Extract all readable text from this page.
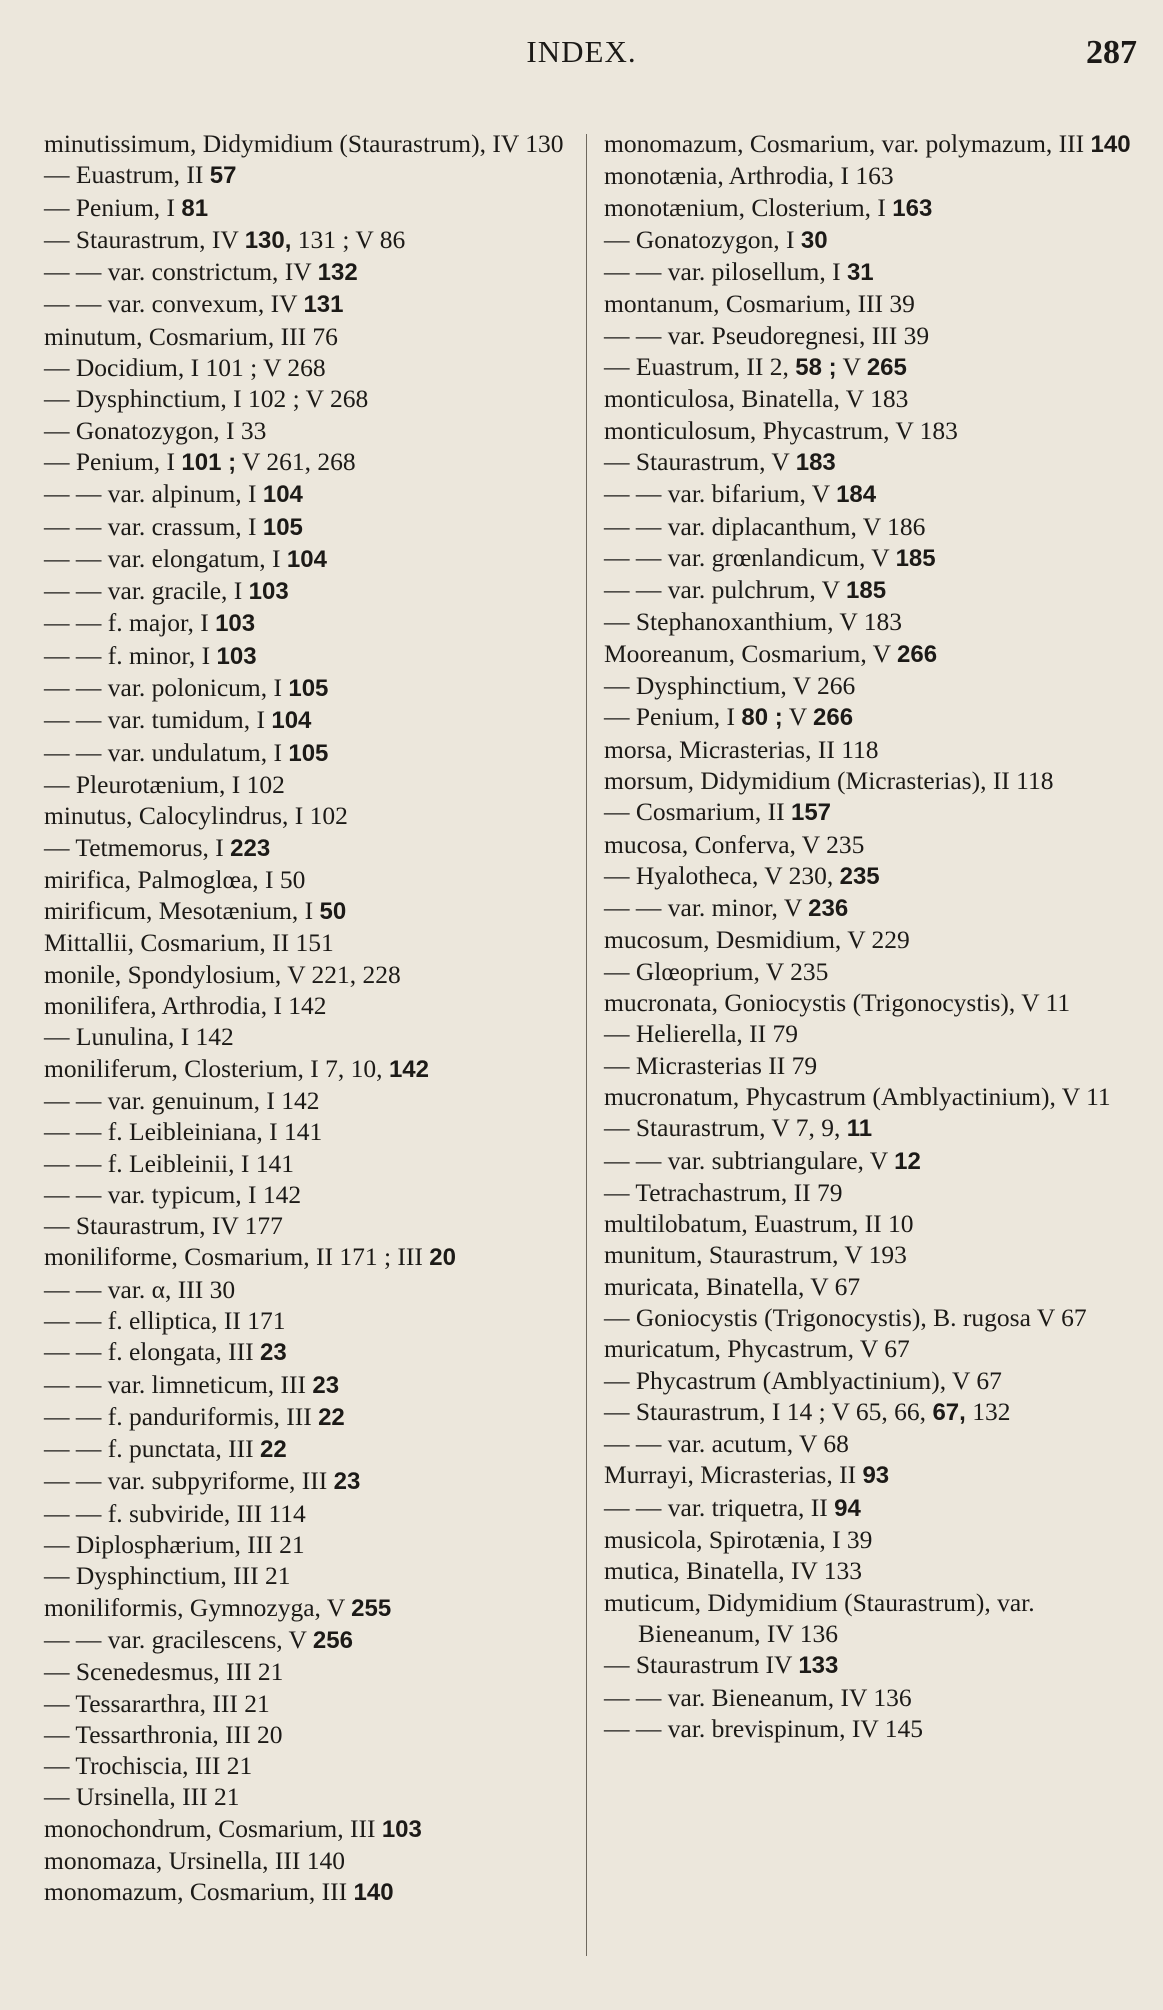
INDEX.	287
minutissimum, Didymidium (Staurastrum), IV 130
— Euastrum, II 57
— Penium, I 81
— Staurastrum, IV 130, 131 ; V 86
— — var. constrictum, IV 132
— — var. convexum, IV 131
minutum, Cosmarium, III 76
— Docidium, I 101 ; V 268
— Dysphinctium, I 102 ; V 268
— Gonatozygon, I 33
— Penium, I 101 ; V 261, 268
— — var. alpinum, I 104
— — var. crassum, I 105
— — var. elongatum, I 104
— — var. gracile, I 103
— — f. major, I 103
— — f. minor, I 103
— — var. polonicum, I 105
— — var. tumidum, I 104
— — var. undulatum, I 105
— Pleurotænium, I 102
minutus, Calocylindrus, I 102
— Tetmemorus, I 223
mirifica, Palmoglœa, I 50
mirificum, Mesotænium, I 50
Mittallii, Cosmarium, II 151
monile, Spondylosium, V 221, 228
monilifera, Arthrodia, I 142
— Lunulina, I 142
moniliferum, Closterium, I 7, 10, 142
— — var. genuinum, I 142
— — f. Leibleiniana, I 141
— — f. Leibleinii, I 141
— — var. typicum, I 142
— Staurastrum, IV 177
moniliforme, Cosmarium, II 171 ; III 20
— — var. α, III 30
— — f. elliptica, II 171
— — f. elongata, III 23
— — var. limneticum, III 23
— — f. panduriformis, III 22
— — f. punctata, III 22
— — var. subpyriforme, III 23
— — f. subviride, III 114
— Diplosphærium, III 21
— Dysphinctium, III 21
moniliformis, Gymnozyga, V 255
— — var. gracilescens, V 256
— Scenedesmus, III 21
— Tessararthra, III 21
— Tessarthronia, III 20
— Trochiscia, III 21
— Ursinella, III 21
monochondrum, Cosmarium, III 103
monomaza, Ursinella, III 140
monomazum, Cosmarium, III 140
monomazum, Cosmarium, var. polymazum, III 140
monotænia, Arthrodia, I 163
monotænium, Closterium, I 163
— Gonatozygon, I 30
— — var. pilosellum, I 31
montanum, Cosmarium, III 39
— — var. Pseudoregnesi, III 39
— Euastrum, II 2, 58 ; V 265
monticulosa, Binatella, V 183
monticulosum, Phycastrum, V 183
— Staurastrum, V 183
— — var. bifarium, V 184
— — var. diplacanthum, V 186
— — var. grœnlandicum, V 185
— — var. pulchrum, V 185
— Stephanoxanthium, V 183
Mooreanum, Cosmarium, V 266
— Dysphinctium, V 266
— Penium, I 80 ; V 266
morsa, Micrasterias, II 118
morsum, Didymidium (Micrasterias), II 118
— Cosmarium, II 157
mucosa, Conferva, V 235
— Hyalotheca, V 230, 235
— — var. minor, V 236
mucosum, Desmidium, V 229
— Glœoprium, V 235
mucronata, Goniocystis (Trigonocystis), V 11
— Helierella, II 79
— Micrasterias II 79
mucronatum, Phycastrum (Amblyactinium), V 11
— Staurastrum, V 7, 9, 11
— — var. subtriangulare, V 12
— Tetrachastrum, II 79
multilobatum, Euastrum, II 10
munitum, Staurastrum, V 193
muricata, Binatella, V 67
— Goniocystis (Trigonocystis), B. rugosa V 67
muricatum, Phycastrum, V 67
— Phycastrum (Amblyactinium), V 67
— Staurastrum, I 14 ; V 65, 66, 67, 132
— — var. acutum, V 68
Murrayi, Micrasterias, II 93
— — var. triquetra, II 94
musicola, Spirotænia, I 39
mutica, Binatella, IV 133
muticum, Didymidium (Staurastrum), var. Bieneanum, IV 136
— Staurastrum IV 133
— — var. Bieneanum, IV 136
— — var. brevispinum, IV 145
